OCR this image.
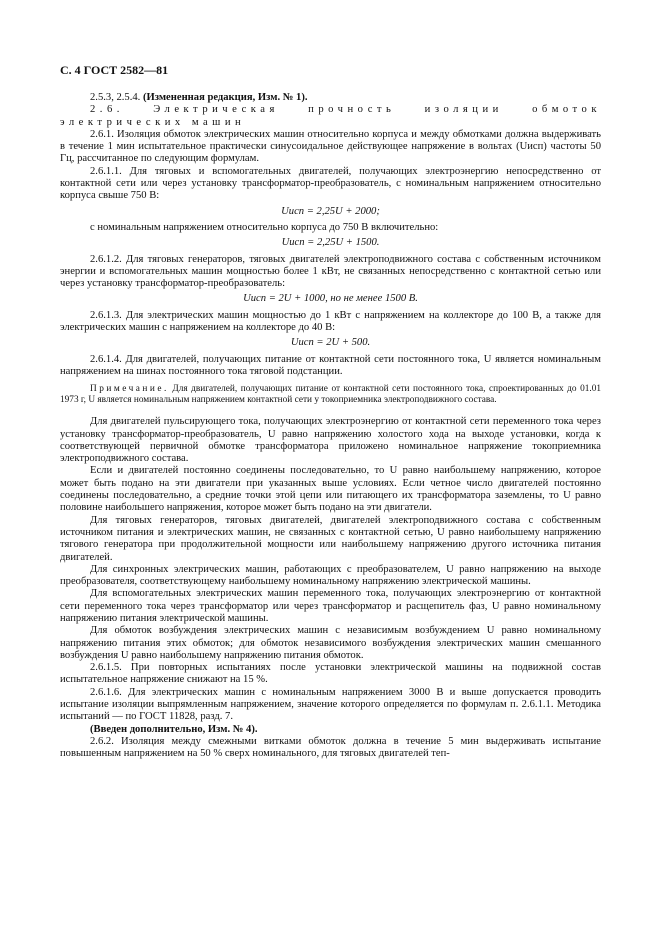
С. 4 ГОСТ 2582—81

2.5.3, 2.5.4. (Измененная редакция, Изм. № 1).

2.6. Электрическая прочность изоляции обмоток электрических машин

2.6.1. Изоляция обмоток электрических машин относительно корпуса и между обмотками должна выдерживать в течение 1 мин испытательное практически синусоидальное действующее напряжение в вольтах (Uисп) частоты 50 Гц, рассчитанное по следующим формулам.

2.6.1.1. Для тяговых и вспомогательных двигателей, получающих электроэнергию непосредственно от контактной сети или через установку трансформатор-преобразователь, с номинальным напряжением относительно корпуса свыше 750 В:

Uисп = 2,25U + 2000;

с номинальным напряжением относительно корпуса до 750 В включительно:

Uисп = 2,25U + 1500.

2.6.1.2. Для тяговых генераторов, тяговых двигателей электроподвижного состава с собственным источником энергии и вспомогательных машин мощностью более 1 кВт, не связанных непосредственно с контактной сетью или через установку трансформатор-преобразователь:

Uисп = 2U + 1000, но не менее 1500 В.

2.6.1.3. Для электрических машин мощностью до 1 кВт с напряжением на коллекторе до 100 В, а также для электрических машин с напряжением на коллекторе до 40 В:

Uисп = 2U + 500.

2.6.1.4. Для двигателей, получающих питание от контактной сети постоянного тока, U является номинальным напряжением на шинах постоянного тока тяговой подстанции.

Примечание. Для двигателей, получающих питание от контактной сети постоянного тока, спроектированных до 01.01 1973 г, U является номинальным напряжением контактной сети у токоприемника электроподвижного состава.

Для двигателей пульсирующего тока, получающих электроэнергию от контактной сети переменного тока через установку трансформатор-преобразователь, U равно напряжению холостого хода на выходе установки, когда к соответствующей первичной обмотке трансформатора приложено номинальное напряжение токоприемника электроподвижного состава.

Если и двигателей постоянно соединены последовательно, то U равно наибольшему напряжению, которое может быть подано на эти двигатели при указанных выше условиях. Если четное число двигателей постоянно соединены последовательно, а средние точки этой цепи или питающего их трансформатора заземлены, то U равно половине наибольшего напряжения, которое может быть подано на эти двигатели.

Для тяговых генераторов, тяговых двигателей, двигателей электроподвижного состава с собственным источником питания и электрических машин, не связанных с контактной сетью, U равно наибольшему напряжению тягового генератора при продолжительной мощности или наибольшему напряжению другого источника питания двигателей.

Для синхронных электрических машин, работающих с преобразователем, U равно напряжению на выходе преобразователя, соответствующему наибольшему номинальному напряжению электрической машины.

Для вспомогательных электрических машин переменного тока, получающих электроэнергию от контактной сети переменного тока через трансформатор или через трансформатор и расщепитель фаз, U равно номинальному напряжению питания электрической машины.

Для обмоток возбуждения электрических машин с независимым возбуждением U равно номинальному напряжению питания этих обмоток; для обмоток независимого возбуждения электрических машин смешанного возбуждения U равно наибольшему напряжению питания обмоток.

2.6.1.5. При повторных испытаниях после установки электрической машины на подвижной состав испытательное напряжение снижают на 15 %.

2.6.1.6. Для электрических машин с номинальным напряжением 3000 В и выше допускается проводить испытание изоляции выпрямленным напряжением, значение которого определяется по формулам п. 2.6.1.1. Методика испытаний — по ГОСТ 11828, разд. 7.

(Введен дополнительно, Изм. № 4).

2.6.2. Изоляция между смежными витками обмоток должна в течение 5 мин выдерживать испытание повышенным напряжением на 50 % сверх номинального, для тяговых двигателей теп-
